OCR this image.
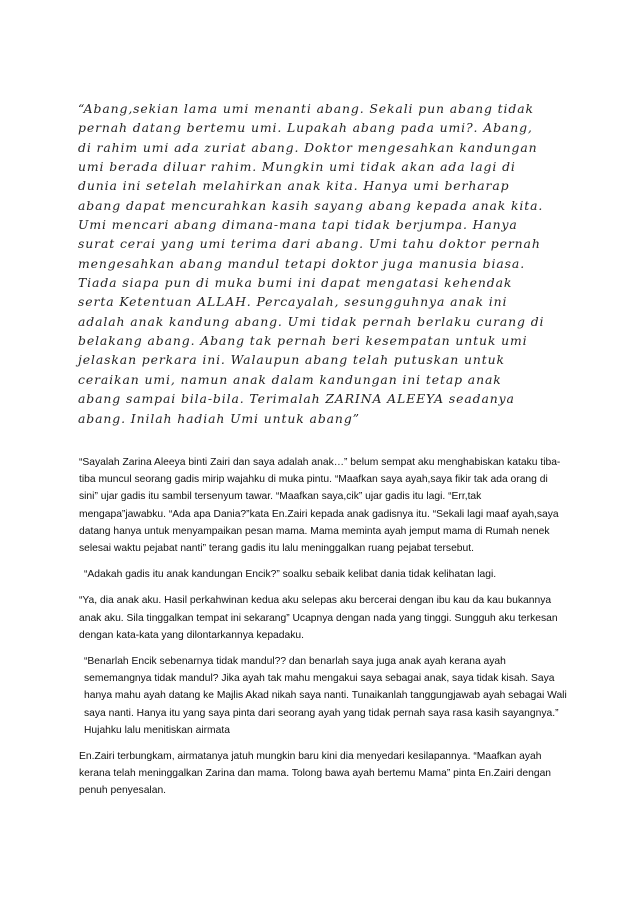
“Abang,sekian lama umi menanti abang. Sekali pun abang tidak
pernah datang bertemu umi. Lupakah abang pada umi?. Abang,
di rahim umi ada zuriat abang. Doktor mengesahkan kandungan
umi berada diluar rahim. Mungkin umi tidak akan ada lagi di
dunia ini setelah melahirkan anak kita. Hanya umi berharap
abang dapat mencurahkan kasih sayang abang kepada anak kita.
Umi mencari abang dimana-mana tapi tidak berjumpa. Hanya
surat cerai yang umi terima dari abang. Umi tahu doktor pernah
mengesahkan abang mandul tetapi doktor juga manusia biasa.
Tiada siapa pun di muka bumi ini dapat mengatasi kehendak
serta Ketentuan ALLAH. Percayalah, sesungguhnya anak ini
adalah anak kandung abang. Umi tidak pernah berlaku curang di
belakang abang. Abang tak pernah beri kesempatan untuk umi
jelaskan perkara ini. Walaupun abang telah putuskan untuk
ceraikan umi, namun anak dalam kandungan ini tetap anak
abang sampai bila-bila. Terimalah ZARINA ALEEYA seadanya
abang. Inilah hadiah Umi untuk abang”

“Sayalah Zarina Aleeya binti Zairi dan saya adalah anak…” belum sempat aku menghabiskan kataku tiba-tiba muncul seorang gadis mirip wajahku di muka pintu. “Maafkan saya ayah,saya fikir tak ada orang di sini” ujar gadis itu sambil tersenyum tawar. “Maafkan saya,cik” ujar gadis itu lagi. “Err,tak mengapa”jawabku. “Ada apa Dania?”kata En.Zairi kepada anak gadisnya itu. “Sekali lagi maaf ayah,saya datang hanya untuk menyampaikan pesan mama. Mama meminta ayah jemput mama di Rumah nenek selesai waktu pejabat nanti” terang gadis itu lalu meninggalkan ruang pejabat tersebut.

“Adakah gadis itu anak kandungan Encik?” soalku sebaik kelibat dania tidak kelihatan lagi.

“Ya, dia anak aku. Hasil perkahwinan kedua aku selepas aku bercerai dengan ibu kau da kau bukannya anak aku. Sila tinggalkan tempat ini sekarang” Ucapnya dengan nada yang tinggi. Sungguh aku terkesan dengan kata-kata yang dilontarkannya kepadaku.

“Benarlah Encik sebenarnya tidak mandul?? dan benarlah saya juga anak ayah kerana ayah sememangnya tidak mandul? Jika ayah tak mahu mengakui saya sebagai anak, saya tidak kisah. Saya hanya mahu ayah datang ke Majlis Akad nikah saya nanti. Tunaikanlah tanggungjawab ayah sebagai Wali saya nanti. Hanya itu yang saya pinta dari seorang ayah yang tidak pernah saya rasa kasih sayangnya.” Hujahku lalu menitiskan airmata

En.Zairi terbungkam, airmatanya jatuh mungkin baru kini dia menyedari kesilapannya. “Maafkan ayah kerana telah meninggalkan Zarina dan mama. Tolong bawa ayah bertemu Mama” pinta En.Zairi dengan penuh penyesalan.
